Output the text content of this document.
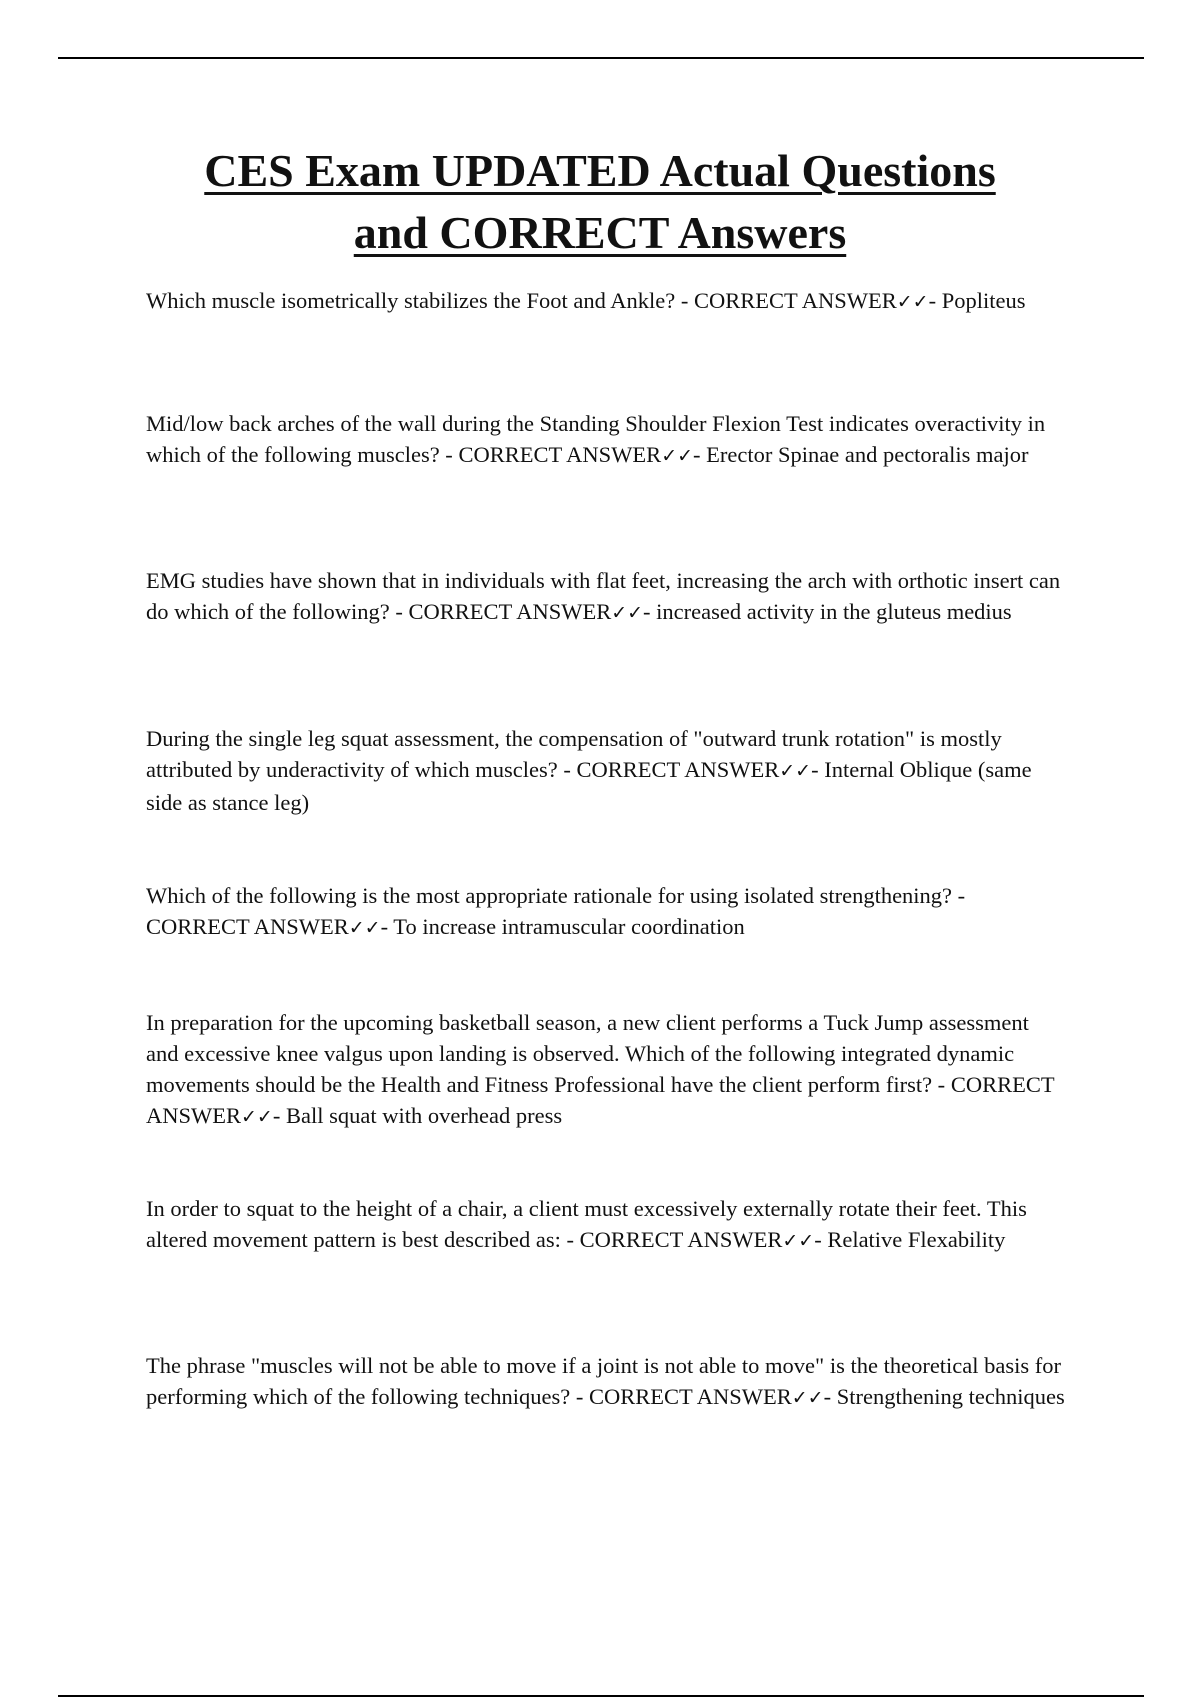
CES Exam UPDATED Actual Questions
and CORRECT Answers

Which muscle isometrically stabilizes the Foot and Ankle? - CORRECT ANSWER✓✓- Popliteus

Mid/low back arches of the wall during the Standing Shoulder Flexion Test indicates overactivity in which of the following muscles? - CORRECT ANSWER✓✓- Erector Spinae and pectoralis major

EMG studies have shown that in individuals with flat feet, increasing the arch with orthotic insert can do which of the following? - CORRECT ANSWER✓✓- increased activity in the gluteus medius

During the single leg squat assessment, the compensation of "outward trunk rotation" is mostly attributed by underactivity of which muscles? - CORRECT ANSWER✓✓- Internal Oblique (same side as stance leg)

Which of the following is the most appropriate rationale for using isolated strengthening? - CORRECT ANSWER✓✓- To increase intramuscular coordination

In preparation for the upcoming basketball season, a new client performs a Tuck Jump assessment and excessive knee valgus upon landing is observed. Which of the following integrated dynamic movements should be the Health and Fitness Professional have the client perform first? - CORRECT ANSWER✓✓- Ball squat with overhead press

In order to squat to the height of a chair, a client must excessively externally rotate their feet. This altered movement pattern is best described as: - CORRECT ANSWER✓✓- Relative Flexability

The phrase "muscles will not be able to move if a joint is not able to move" is the theoretical basis for performing which of the following techniques? - CORRECT ANSWER✓✓- Strengthening techniques
